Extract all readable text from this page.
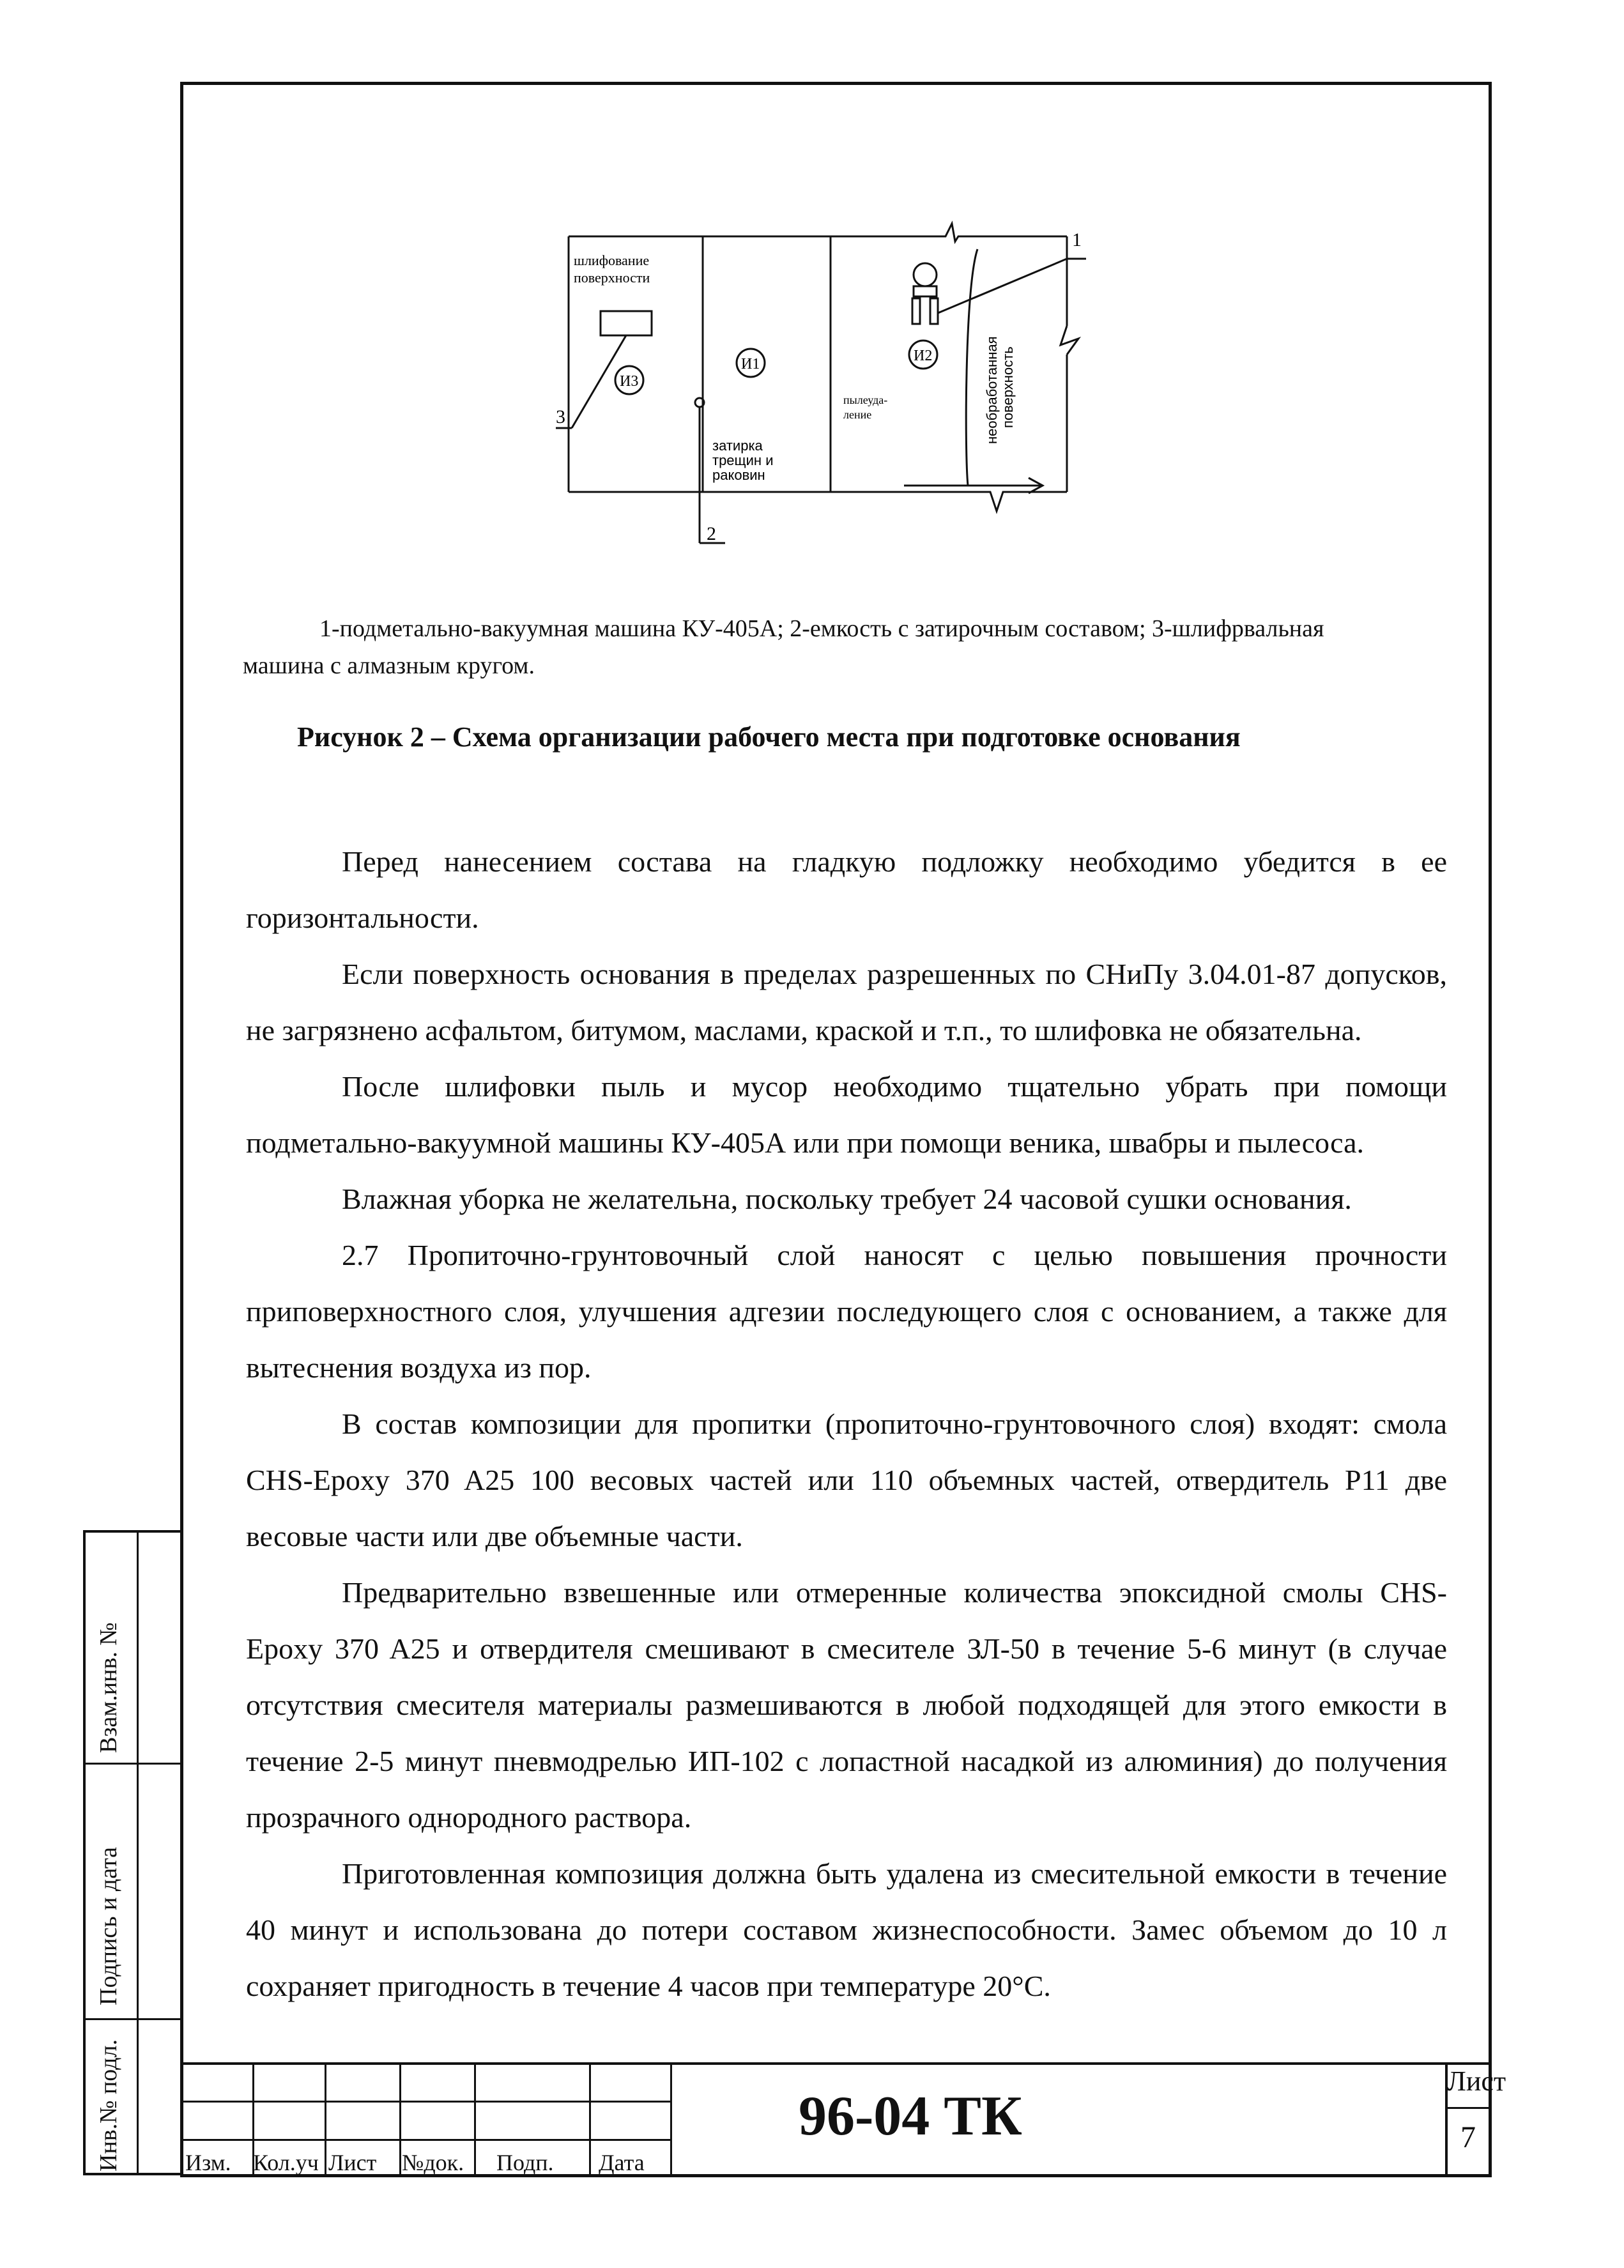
Взам.инв. №
Подпись и дата
Инв.№ подл.
шлифование
поверхности
И3
И1	И2
затирка
трещин и
раковин
пылеуда-
ление	необработанная поверхность
1
3
2
1-подметально-вакуумная машина КУ-405А; 2-емкость с затирочным составом; 3-шлифрвальная
машина с алмазным кругом.
Рисунок 2 – Схема организации рабочего места при подготовке основания

Перед нанесением состава на гладкую подложку необходимо убедится в ее горизонтальности.

Если поверхность основания в пределах разрешенных по СНиПу 3.04.01-87 допусков, не загрязнено асфальтом, битумом, маслами, краской и т.п., то шлифовка не обязательна.

После шлифовки пыль и мусор необходимо тщательно убрать при помощи подметально-вакуумной машины КУ-405А или при помощи веника, швабры и пылесоса.

Влажная уборка не желательна, поскольку требует 24 часовой сушки основания.

2.7 Пропиточно-грунтовочный слой наносят с целью повышения прочности приповерхностного слоя, улучшения адгезии последующего слоя с основанием, а также для вытеснения воздуха из пор.

В состав композиции для пропитки (пропиточно-грунтовочного слоя) входят: смола CHS-Epoxy 370 A25 100 весовых частей или 110 объемных частей, отвердитель P11 две весовые части или две объемные части.

Предварительно взвешенные или отмеренные количества эпоксидной смолы CHS-Epoxy 370 A25 и отвердителя смешивают в смесителе ЗЛ-50 в течение 5-6 минут (в случае отсутствия смесителя материалы размешиваются в любой подходящей для этого емкости в течение 2-5 минут пневмодрелью ИП-102 с лопастной насадкой из алюминия) до получения прозрачного однородного раствора.

Приготовленная композиция должна быть удалена из смесительной емкости в течение 40 минут и использована до потери составом жизнеспособности. Замес объемом до 10 л сохраняет пригодность в течение 4 часов при температуре 20°С.

Изм. Кол.уч Лист №док. Подп. Дата
96-04 ТК
Лист
7
